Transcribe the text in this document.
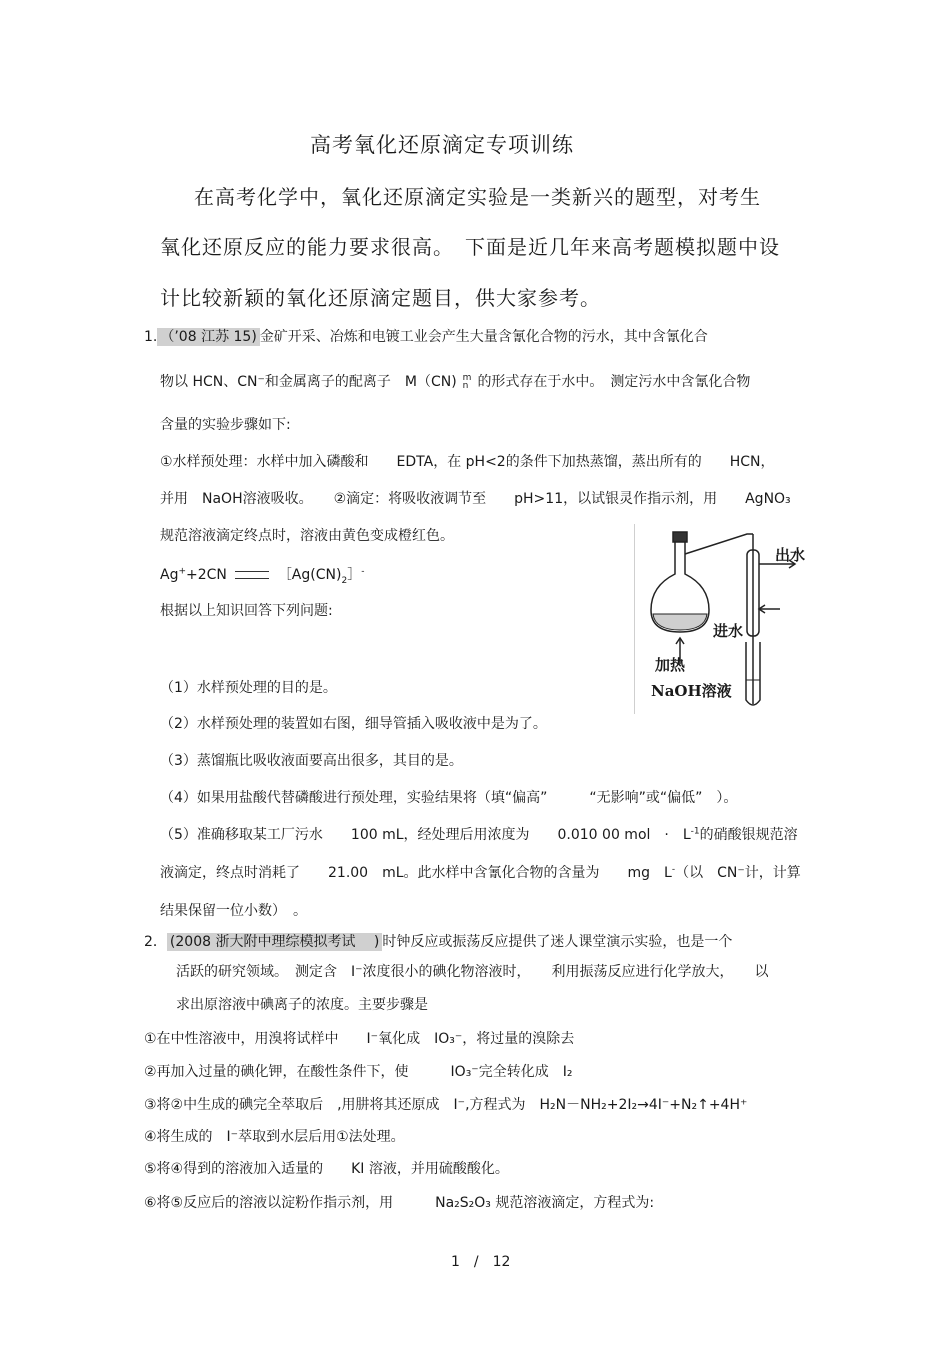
高考氧化还原滴定专项训练
在高考化学中，氧化还原滴定实验是一类新兴的题型，对考生
氧化还原反应的能力要求很高。　下面是近几年来高考题模拟题中设
计比较新颖的氧化还原滴定题目，供大家参考。
1. （’08 江苏 15) 金矿开采、冶炼和电镀工业会产生大量含氰化合物的污水，其中含氰化合
物以 HCN、CN⁻和金属离子的配离子　M（CN) m
n 的形式存在于水中。　测定污水中含氰化合物
含量的实验步骤如下:
①水样预处理：水样中加入磷酸和　　EDTA，在 pH<2的条件下加热蒸馏，蒸出所有的　　HCN，
并用　NaOH溶液吸收。　　②滴定：将吸收液调节至　　pH>11，以试银灵作指示剂，用　　AgNO₃
规范溶液滴定终点时，溶液由黄色变成橙红色。
Ag++2CN	$[Ag(CN)_2]^-$
根据以上知识回答下列问题:
（1）水样预处理的目的是。
（2）水样预处理的装置如右图，细导管插入吸收液中是为了。
（3）蒸馏瓶比吸收液面要高出很多，其目的是。
（4）如果用盐酸代替磷酸进行预处理，实验结果将（填“偏高”　　　“无影响”或“偏低”　）。
（5）准确移取某工厂污水　　100 mL，经处理后用浓度为　　0.010 00 mol　·　$L^{-1}$的硝酸银规范溶
液滴定，终点时消耗了　　21.00　mL。此水样中含氰化合物的含量为　　mg　L-（以　CN⁻计，计算
结果保留一位小数）　。
出水
进水
加热
NaOH溶液
2． (2008 浙大附中理综模拟考试　 ) 时钟反应或振荡反应提供了迷人课堂演示实验，也是一个
活跃的研究领域。　测定含　I⁻浓度很小的碘化物溶液时，　　利用振荡反应进行化学放大，　　以
求出原溶液中碘离子的浓度。主要步骤是
①在中性溶液中，用溴将试样中　　I⁻氧化成　IO₃⁻，将过量的溴除去
②再加入过量的碘化钾，在酸性条件下，使　　　IO₃⁻完全转化成　I₂
③将②中生成的碘完全萃取后　,用肼将其还原成　I⁻,方程式为　H₂N－NH₂+2I₂→4I⁻+N₂↑+4H⁺
④将生成的　I⁻萃取到水层后用①法处理。
⑤将④得到的溶液加入适量的　　KI 溶液，并用硫酸酸化。
⑥将⑤反应后的溶液以淀粉作指示剂，用　　　Na₂S₂O₃ 规范溶液滴定，方程式为:
1　/　12
